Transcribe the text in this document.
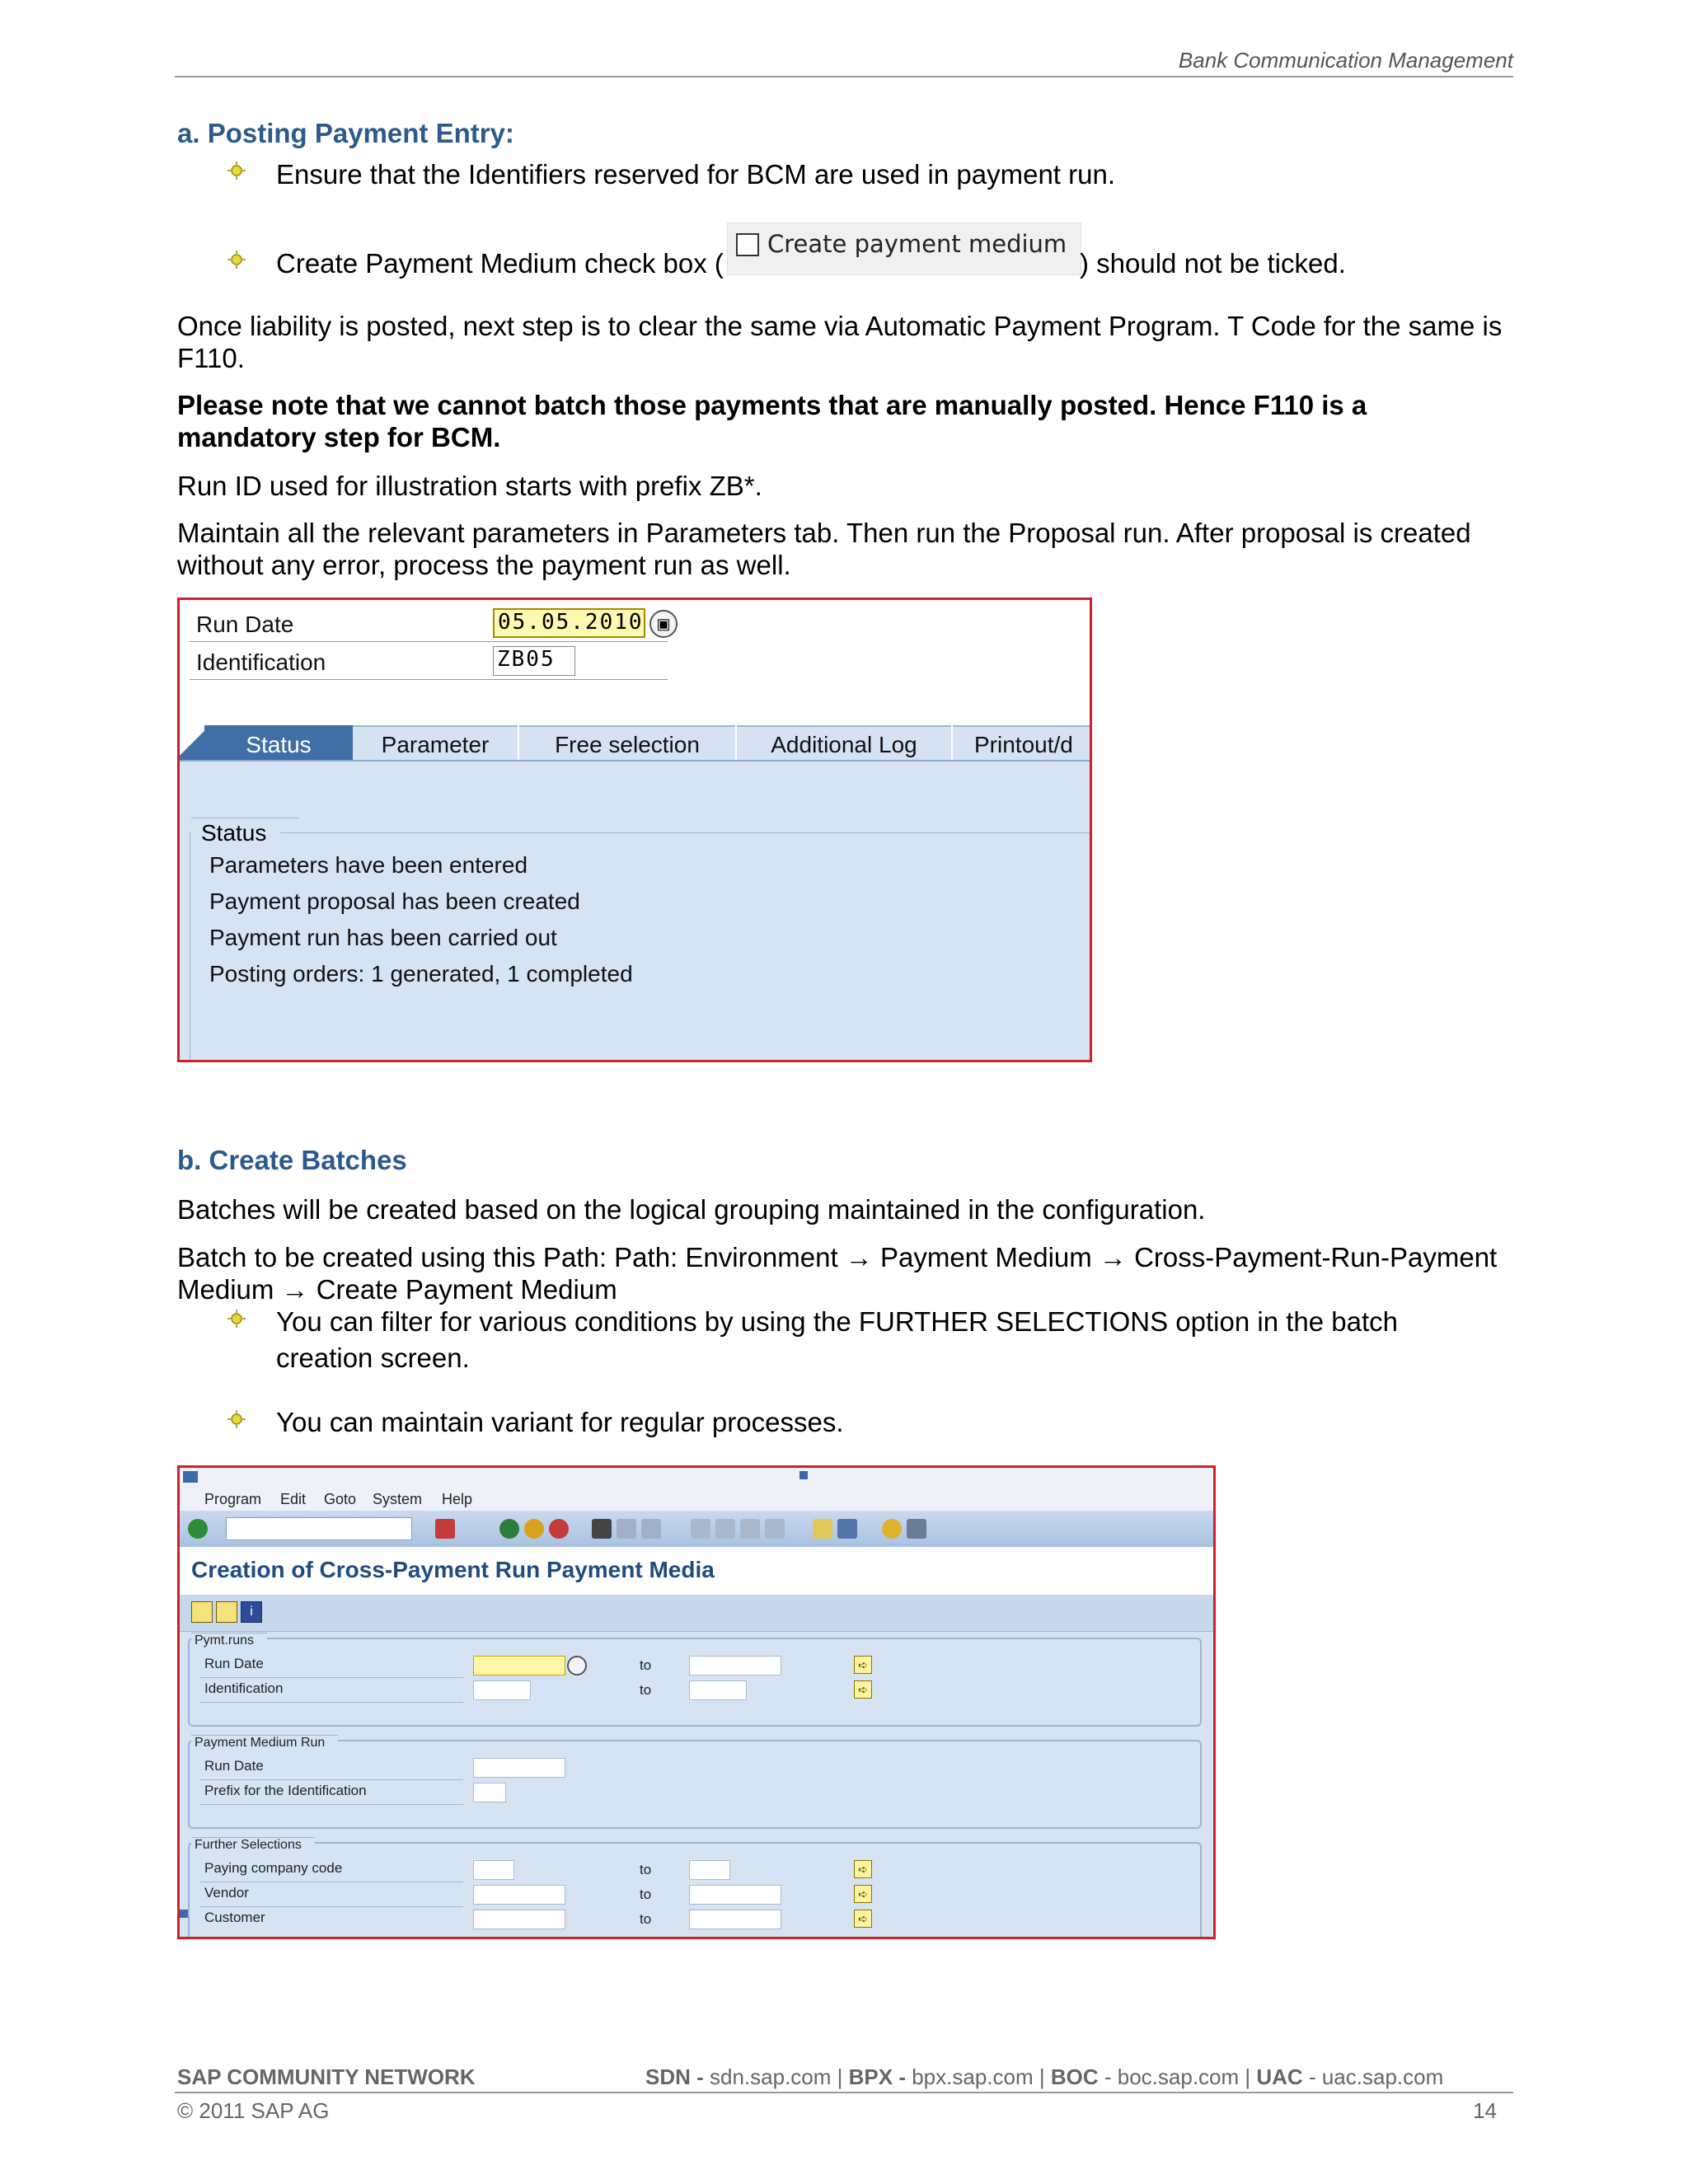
Bank Communication Management
a. Posting Payment Entry:
Ensure that the Identifiers reserved for BCM are used in payment run.
Create Payment Medium check box (
Create payment medium
) should not be ticked.
Once liability is posted, next step is to clear the same via Automatic Payment Program. T Code for the same is F110.
Please note that we cannot batch those payments that are manually posted. Hence F110 is a mandatory step for BCM.
Run ID used for illustration starts with prefix ZB*.
Maintain all the relevant parameters in Parameters tab. Then run the Proposal run. After proposal is created without any error, process the payment run as well.
Run Date	05.05.2010 ▣
Identification	ZB05
Status	Parameter	Free selection	Additional Log	Printout/d
Status
Parameters have been entered
Payment proposal has been created
Payment run has been carried out
Posting orders: 1 generated, 1 completed
b. Create Batches
Batches will be created based on the logical grouping maintained in the configuration.
Batch to be created using this Path: Path: Environment → Payment Medium → Cross-Payment-Run-Payment Medium → Create Payment Medium
You can filter for various conditions by using the FURTHER SELECTIONS option in the batch creation screen.
You can maintain variant for regular processes.
Program Edit Goto System Help
Creation of Cross-Payment Run Payment Media
i
Pymt.runs
Run Date	to	➪
Identification	to	➪
Payment Medium Run
Run Date
Prefix for the Identification
Further Selections
Paying company code	to	➪
Vendor	to	➪
Customer	to	➪
SAP COMMUNITY NETWORK	SDN - sdn.sap.com | BPX - bpx.sap.com | BOC - boc.sap.com | UAC - uac.sap.com
© 2011 SAP AG	14
